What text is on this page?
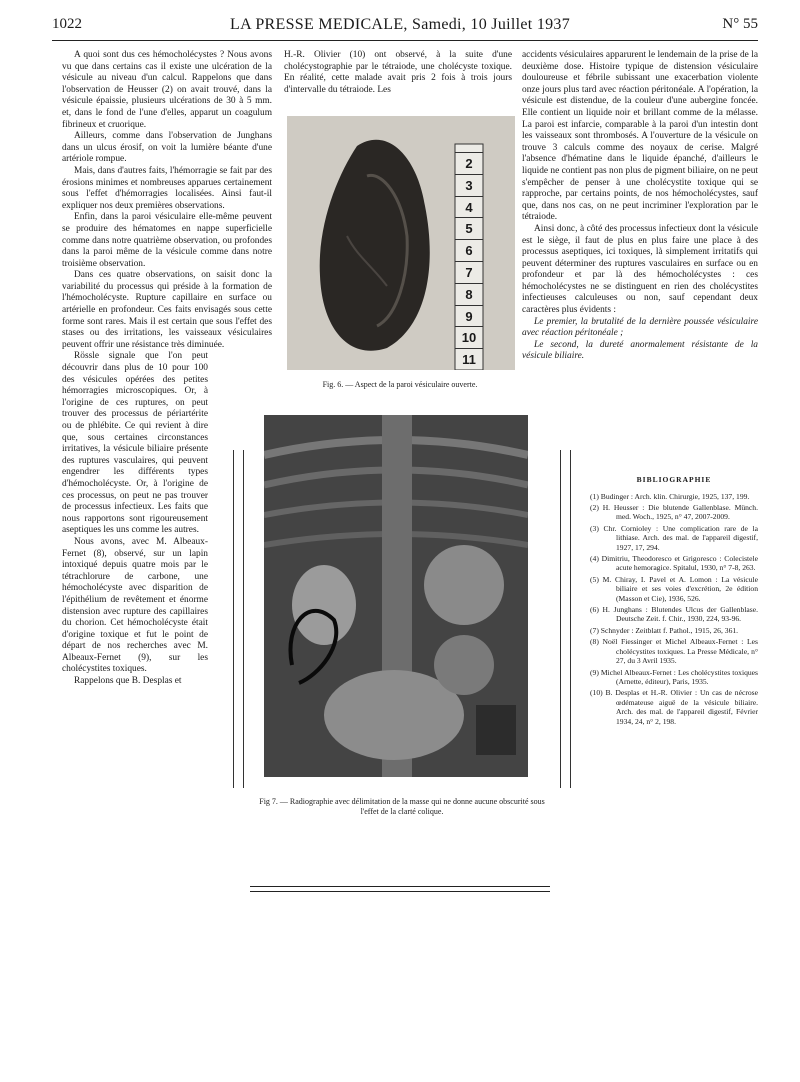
1022	LA PRESSE MEDICALE, Samedi, 10 Juillet 1937	N° 55

A quoi sont dus ces hémocholécystes ? Nous avons vu que dans certains cas il existe une ulcération de la vésicule au niveau d'un calcul. Rappelons que dans l'observation de Heusser (2) on avait trouvé, dans la vésicule épaissie, plusieurs ulcérations de 30 à 5 mm. et, dans le fond de l'une d'elles, apparut un coagulum fibrineux et cruorique.

Ailleurs, comme dans l'observation de Junghans dans un ulcus érosif, on voit la lumière béante d'une artériole rompue.

Mais, dans d'autres faits, l'hémorragie se fait par des érosions minimes et nombreuses apparues certainement sous l'effet d'hémorragies localisées. Ainsi faut-il expliquer nos deux premières observations.

Enfin, dans la paroi vésiculaire elle-même peuvent se produire des hématomes en nappe superficielle comme dans notre quatrième observation, ou profondes dans la paroi même de la vésicule comme dans notre troisième observation.

Dans ces quatre observations, on saisit donc la variabilité du processus qui préside à la formation de l'hémocholécyste. Rupture capillaire en surface ou artérielle en profondeur. Ces faits envisagés sous cette forme sont rares. Mais il est certain que sous l'effet des stases ou des irritations, les vaisseaux vésiculaires peuvent offrir une résistance très diminuée.

Rössle signale que l'on peut découvrir dans plus de 10 pour 100 des vésicules opérées des petites hémorragies microscopiques. Or, à l'origine de ces ruptures, on peut trouver des processus de périartérite ou de phlébite. Ce qui revient à dire que, sous certaines circonstances irritatives, la vésicule biliaire présente des ruptures vasculaires, qui peuvent engendrer les différents types d'hémocholécyste. Or, à l'origine de ces processus, on peut ne pas trouver de processus infectieux. Les faits que nous rapportons sont rigoureusement aseptiques les uns comme les autres.

Nous avons, avec M. Albeaux-Fernet (8), observé, sur un lapin intoxiqué depuis quatre mois par le tétrachlorure de carbone, une hémocholécyste avec disparition de l'épithélium de revêtement et énorme distension avec rupture des capillaires du chorion. Cet hémocholécyste était d'origine toxique et fut le point de départ de nos recherches avec M. Albeaux-Fernet (9), sur les cholécystites toxiques.

Rappelons que B. Desplas et

H.-R. Olivier (10) ont observé, à la suite d'une cholécystographie par le tétraiode, une cholécyste toxique. En réalité, cette malade avait pris 2 fois à trois jours d'intervalle du tétraiode. Les

2
3
4
5
6
7
8
9
10
11
Fig. 6. — Aspect de la paroi vésiculaire ouverte.

accidents vésiculaires apparurent le lendemain de la prise de la deuxième dose. Histoire typique de distension vésiculaire douloureuse et fébrile subissant une exacerbation violente onze jours plus tard avec réaction péritonéale. A l'opération, la vésicule est distendue, de la couleur d'une aubergine foncée. Elle contient un liquide noir et brillant comme de la mélasse. La paroi est infarcie, comparable à la paroi d'un intestin dont les vaisseaux sont thrombosés. A l'ouverture de la vésicule on trouve 3 calculs comme des noyaux de cerise. Malgré l'absence d'hématine dans le liquide épanché, d'ailleurs le liquide ne contient pas non plus de pigment biliaire, on ne peut s'empêcher de penser à une cholécystite toxique qui se rapproche, par certains points, de nos hémocholécystes, sauf que, dans nos cas, on ne peut incriminer l'exploration par le tétraiode.

Ainsi donc, à côté des processus infectieux dont la vésicule est le siège, il faut de plus en plus faire une place à des processus aseptiques, ici toxiques, là simplement irritatifs qui peuvent déterminer des ruptures vasculaires en surface ou en profondeur et par là des hémocholécystes : ces hémocholécystes ne se distinguent en rien des cholécystites infectieuses calculeuses ou non, sauf cependant deux caractères plus évidents :

Le premier, la brutalité de la dernière poussée vésiculaire avec réaction péritonéale ;

Le second, la dureté anormalement résistante de la vésicule biliaire.

BIBLIOGRAPHIE
(1) Budinger : Arch. klin. Chirurgie, 1925, 137, 199.
(2) H. Heusser : Die blutende Gallenblase. Münch. med. Woch., 1925, n° 47, 2007-2009.
(3) Chr. Cornioley : Une complication rare de la lithiase. Arch. des mal. de l'appareil digestif, 1927, 17, 294.
(4) Dimitriu, Theodoresco et Grigoresco : Colecistele acute hemoragice. Spitalul, 1930, n° 7-8, 263.
(5) M. Chiray, I. Pavel et A. Lomon : La vésicule biliaire et ses voies d'excrétion, 2e édition (Masson et Cie), 1936, 526.
(6) H. Junghans : Blutendes Ulcus der Gallenblase. Deutsche Zeit. f. Chir., 1930, 224, 93-96.
(7) Schnyder : Zeitblatt f. Pathol., 1915, 26, 361.
(8) Noël Fiessinger et Michel Albeaux-Fernet : Les cholécystites toxiques. La Presse Médicale, n° 27, du 3 Avril 1935.
(9) Michel Albeaux-Fernet : Les cholécystites toxiques (Arnette, éditeur), Paris, 1935.
(10) B. Desplas et H.-R. Olivier : Un cas de nécrose œdémateuse aiguë de la vésicule biliaire. Arch. des mal. de l'appareil digestif, Février 1934, 24, n° 2, 198.
Fig 7. — Radiographie avec délimitation de la masse qui ne donne aucune obscurité sous l'effet de la clarté colique.
